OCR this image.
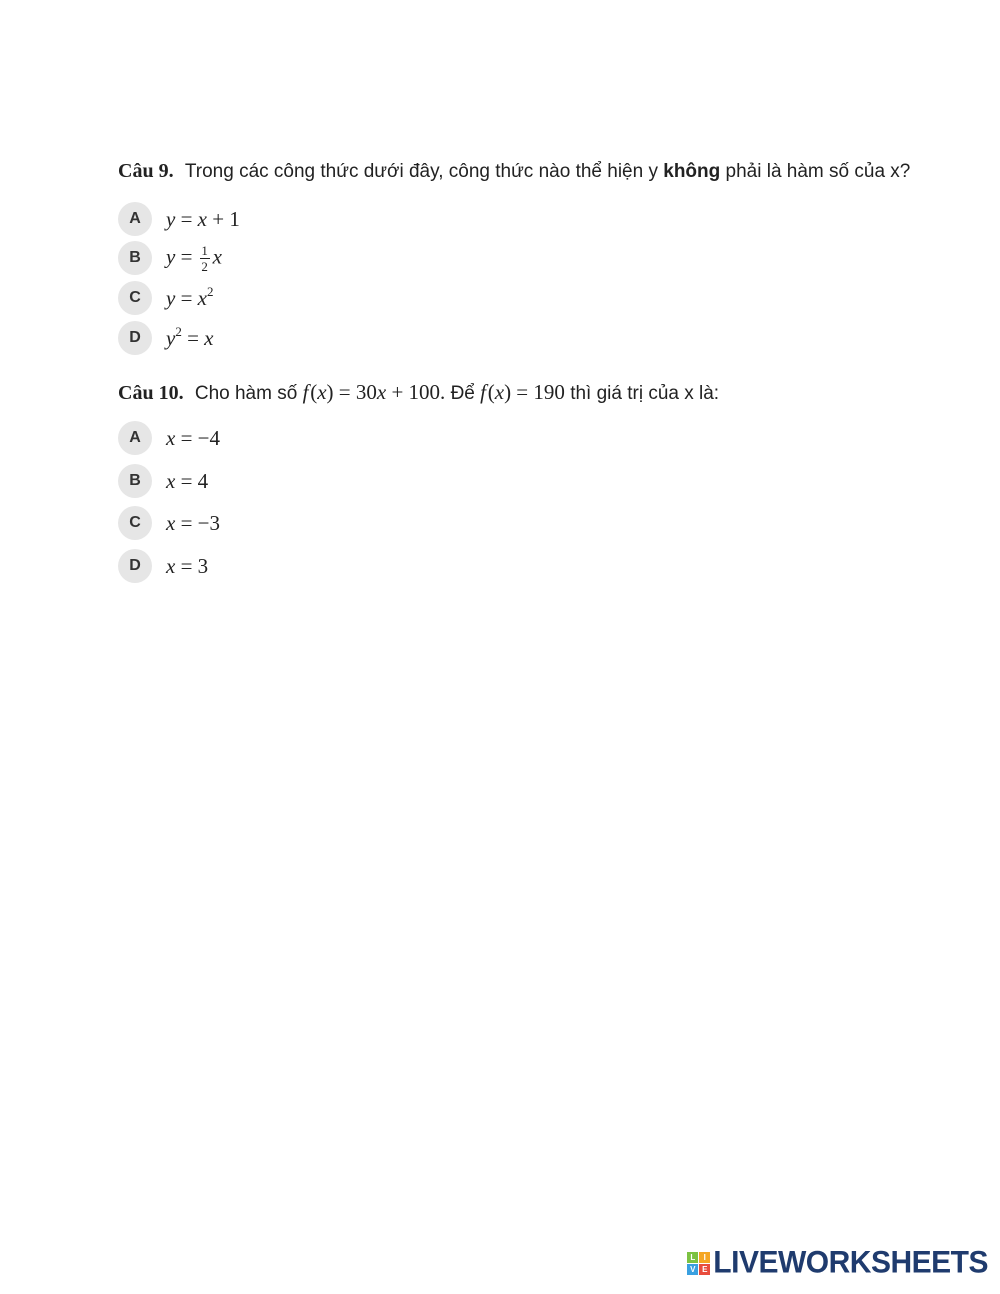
Câu 9. Trong các công thức dưới đây, công thức nào thể hiện y không phải là hàm số của x?
A	y = x + 1
B	$y = \frac{1}{2}$ x
C	$y = x^2$
D	$y^2 = x$
Câu 10. Cho hàm số f (x) = 30x + 100. Để f (x) = 190 thì giá trị của x là:
A	x = −4
B	x = 4
C	x = −3
D	x = 3
L	I
V E LIVEWORKSHEETS
